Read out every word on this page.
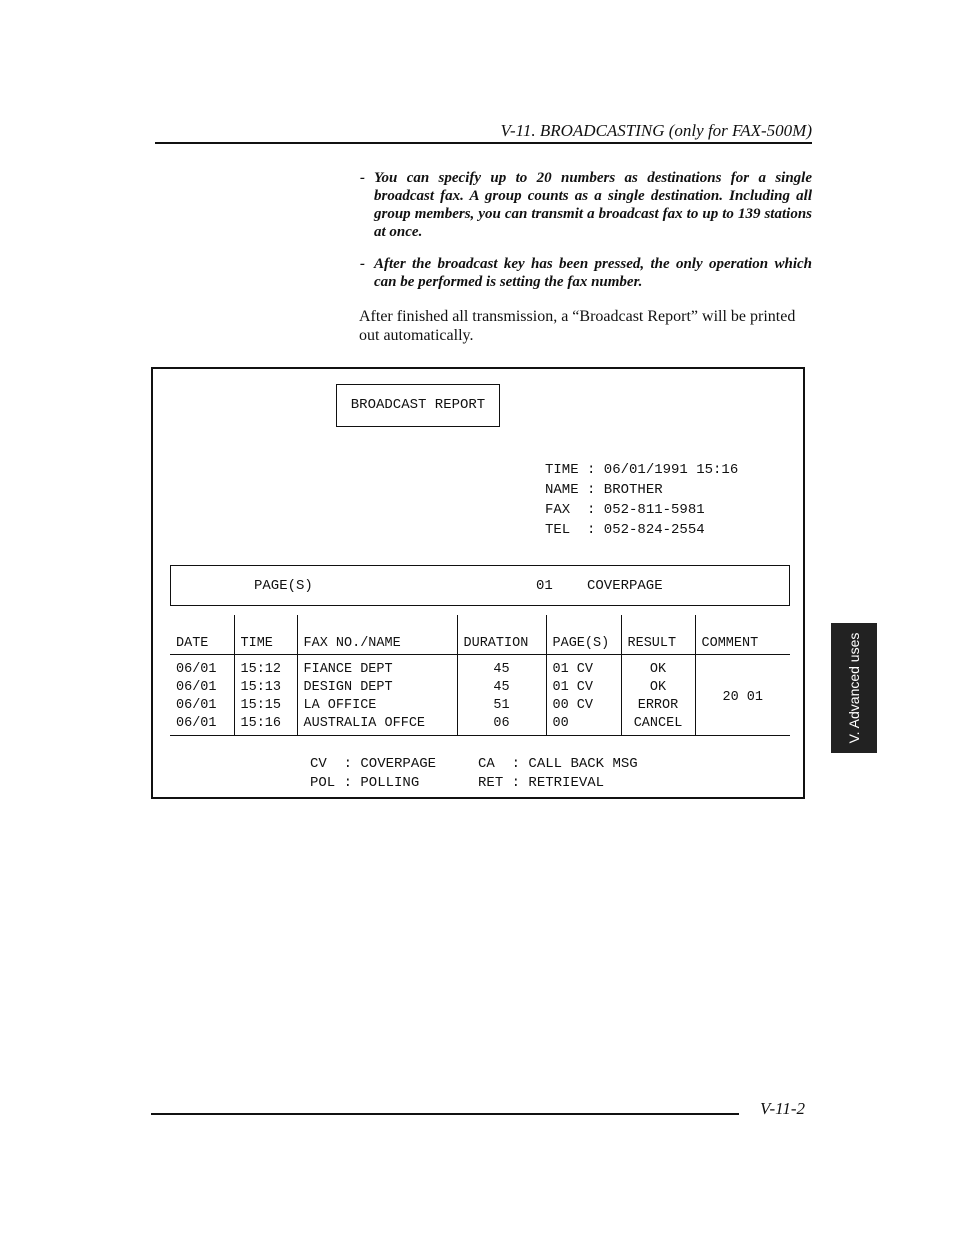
V-11. BROADCASTING (only for FAX-500M)
- You can specify up to 20 numbers as destinations for a single broadcast fax. A group counts as a single destination. Including all group members, you can transmit a broadcast fax to up to 139 stations at once.
- After the broadcast key has been pressed, the only operation which can be performed is setting the fax number.
After finished all transmission, a “Broadcast Report” will be printed out automatically.
BROADCAST REPORT
TIME : 06/01/1991 15:16
NAME : BROTHER
FAX  : 052-811-5981
TEL  : 052-824-2554
PAGE(S)	01 COVERPAGE
DATE	TIME	FAX NO./NAME	DURATION	PAGE(S)	RESULT	COMMENT
06/01	15:12	FIANCE DEPT	45	01 CV	OK	20 01
06/01	15:13	DESIGN DEPT	45	01 CV	OK	
06/01	15:15	LA OFFICE	51	00 CV	ERROR	
06/01	15:16	AUSTRALIA OFFCE	06	00	CANCEL	
CV  : COVERPAGE     CA  : CALL BACK MSG
POL : POLLING       RET : RETRIEVAL
V. Advanced uses
V-11-2
